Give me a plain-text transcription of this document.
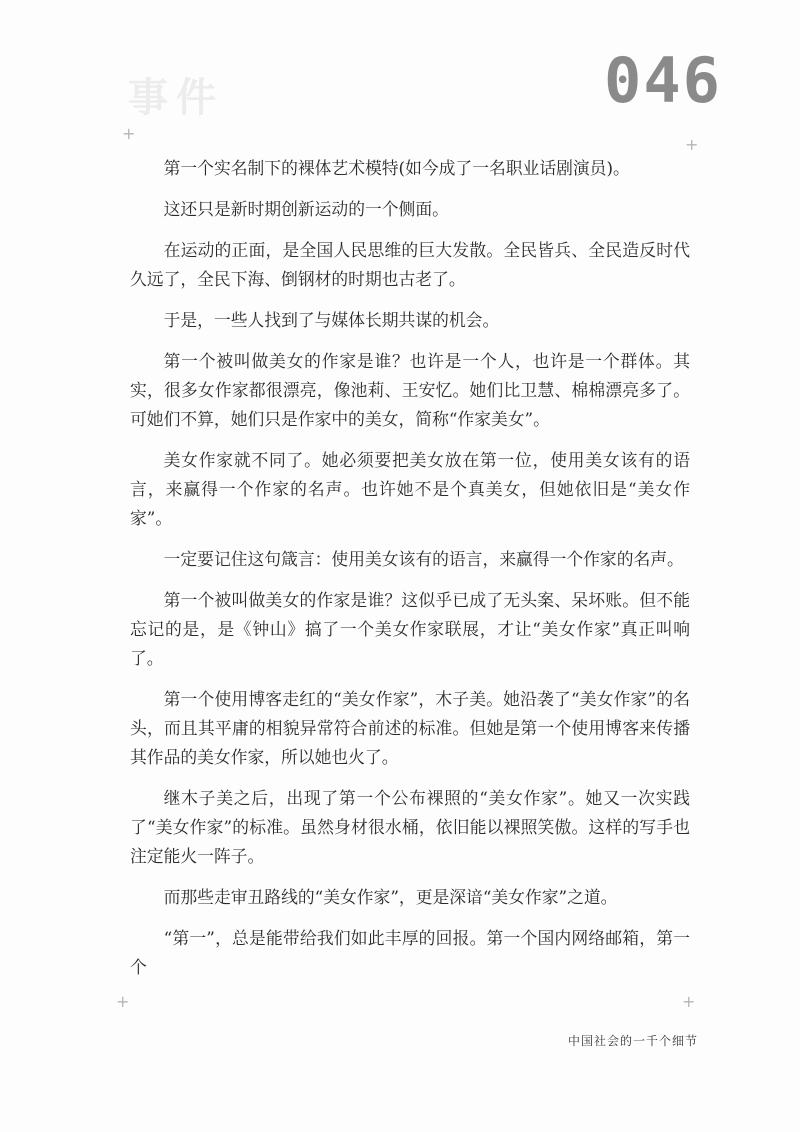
事件	046
+
+
+	+

第一个实名制下的裸体艺术模特(如今成了一名职业话剧演员)。

这还只是新时期创新运动的一个侧面。

在运动的正面，是全国人民思维的巨大发散。全民皆兵、全民造反时代久远了，全民下海、倒钢材的时期也古老了。

于是，一些人找到了与媒体长期共谋的机会。

第一个被叫做美女的作家是谁？也许是一个人，也许是一个群体。其实，很多女作家都很漂亮，像池莉、王安忆。她们比卫慧、棉棉漂亮多了。可她们不算，她们只是作家中的美女，简称“作家美女”。

美女作家就不同了。她必须要把美女放在第一位，使用美女该有的语言，来赢得一个作家的名声。也许她不是个真美女，但她依旧是“美女作家”。

一定要记住这句箴言：使用美女该有的语言，来赢得一个作家的名声。

第一个被叫做美女的作家是谁？这似乎已成了无头案、呆坏账。但不能忘记的是，是《钟山》搞了一个美女作家联展，才让“美女作家”真正叫响了。

第一个使用博客走红的“美女作家”，木子美。她沿袭了“美女作家”的名头，而且其平庸的相貌异常符合前述的标准。但她是第一个使用博客来传播其作品的美女作家，所以她也火了。

继木子美之后，出现了第一个公布裸照的“美女作家”。她又一次实践了“美女作家”的标准。虽然身材很水桶，依旧能以裸照笑傲。这样的写手也注定能火一阵子。

而那些走审丑路线的“美女作家”，更是深谙“美女作家”之道。

“第一”，总是能带给我们如此丰厚的回报。第一个国内网络邮箱，第一个

中国社会的一千个细节
